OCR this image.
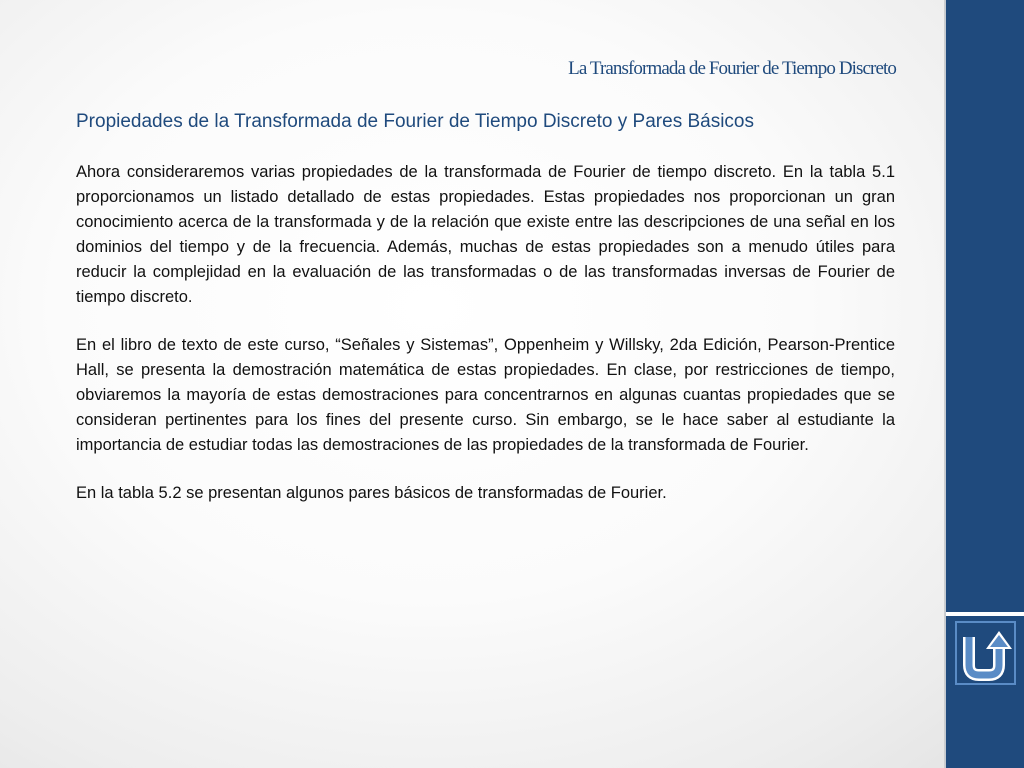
La Transformada de Fourier de Tiempo Discreto
Propiedades de la Transformada de Fourier de Tiempo Discreto y Pares Básicos

Ahora consideraremos varias propiedades de la transformada de Fourier de tiempo discreto. En la tabla 5.1 proporcionamos un listado detallado de estas propiedades. Estas propiedades nos proporcionan un gran conocimiento acerca de la transformada y de la relación que existe entre las descripciones de una señal en los dominios del tiempo y de la frecuencia. Además, muchas de estas propiedades son a menudo útiles para reducir la complejidad en la evaluación de las transformadas o de las transformadas inversas de Fourier de tiempo discreto.

En el libro de texto de este curso, “Señales y Sistemas”, Oppenheim y Willsky, 2da Edición, Pearson-Prentice Hall, se presenta la demostración matemática de estas propiedades. En clase, por restricciones de tiempo, obviaremos la mayoría de estas demostraciones para concentrarnos en algunas cuantas propiedades que se consideran pertinentes para los fines del presente curso. Sin embargo, se le hace saber al estudiante la importancia de estudiar todas las demostraciones de las propiedades de la transformada de Fourier.

En la tabla 5.2 se presentan algunos pares básicos de transformadas de Fourier.
